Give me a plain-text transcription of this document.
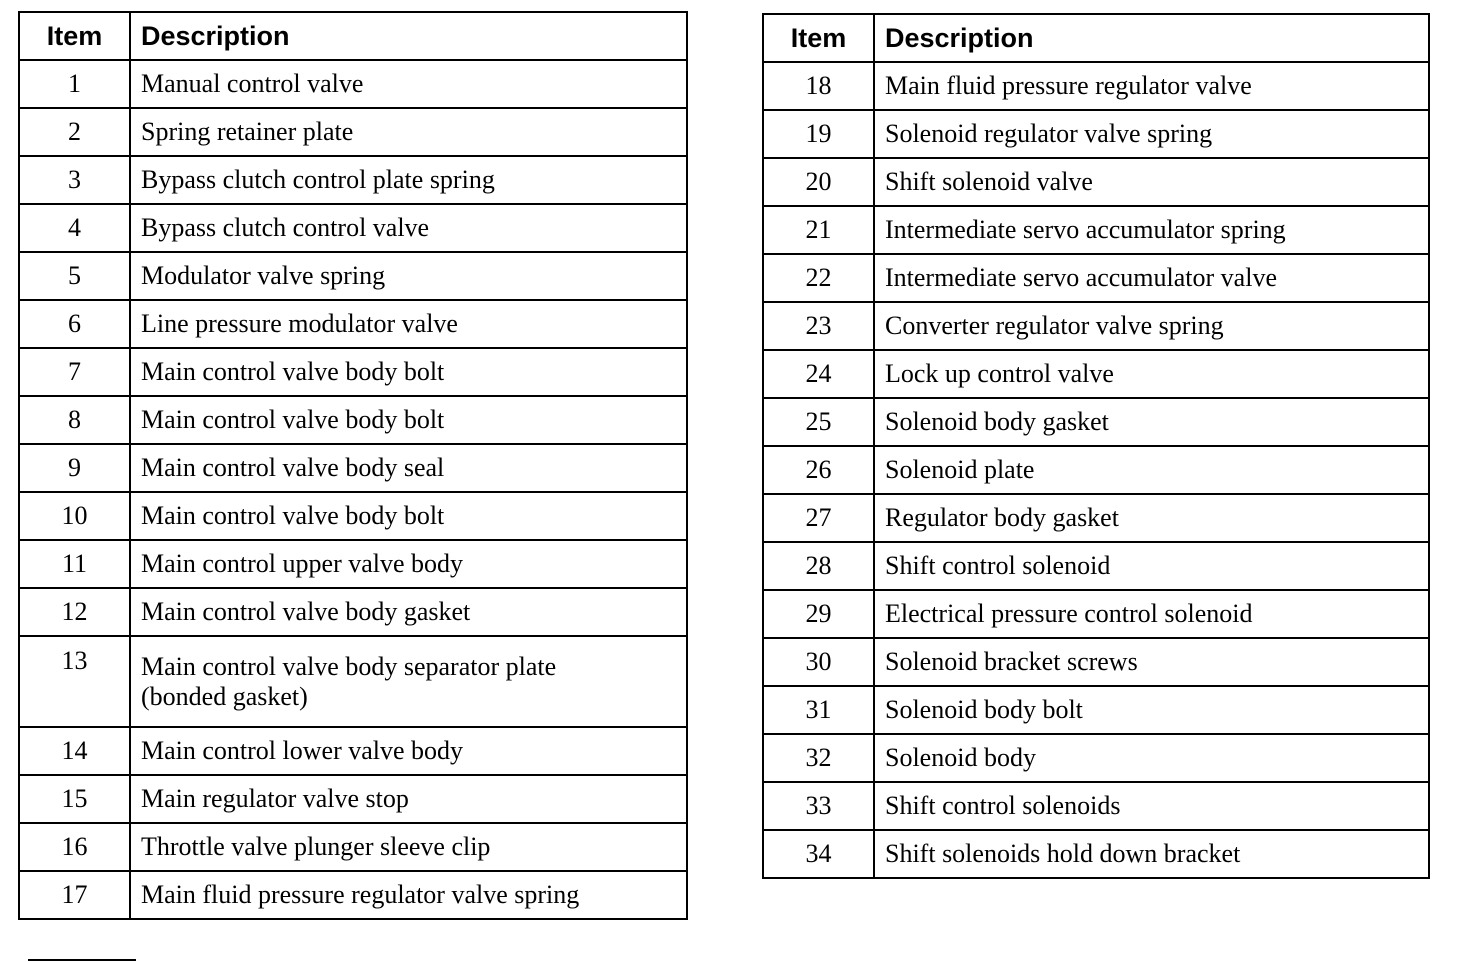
Item	Description
1	Manual control valve
2	Spring retainer plate
3	Bypass clutch control plate spring
4	Bypass clutch control valve
5	Modulator valve spring
6	Line pressure modulator valve
7	Main control valve body bolt
8	Main control valve body bolt
9	Main control valve body seal
10	Main control valve body bolt
11	Main control upper valve body
12	Main control valve body gasket
13	Main control valve body separator plate
(bonded gasket)

14	Main control lower valve body
15	Main regulator valve stop
16	Throttle valve plunger sleeve clip
17	Main fluid pressure regulator valve spring
Item	Description
18	Main fluid pressure regulator valve
19	Solenoid regulator valve spring
20	Shift solenoid valve
21	Intermediate servo accumulator spring
22	Intermediate servo accumulator valve
23	Converter regulator valve spring
24	Lock up control valve
25	Solenoid body gasket
26	Solenoid plate
27	Regulator body gasket
28	Shift control solenoid
29	Electrical pressure control solenoid
30	Solenoid bracket screws
31	Solenoid body bolt
32	Solenoid body
33	Shift control solenoids
34	Shift solenoids hold down bracket
